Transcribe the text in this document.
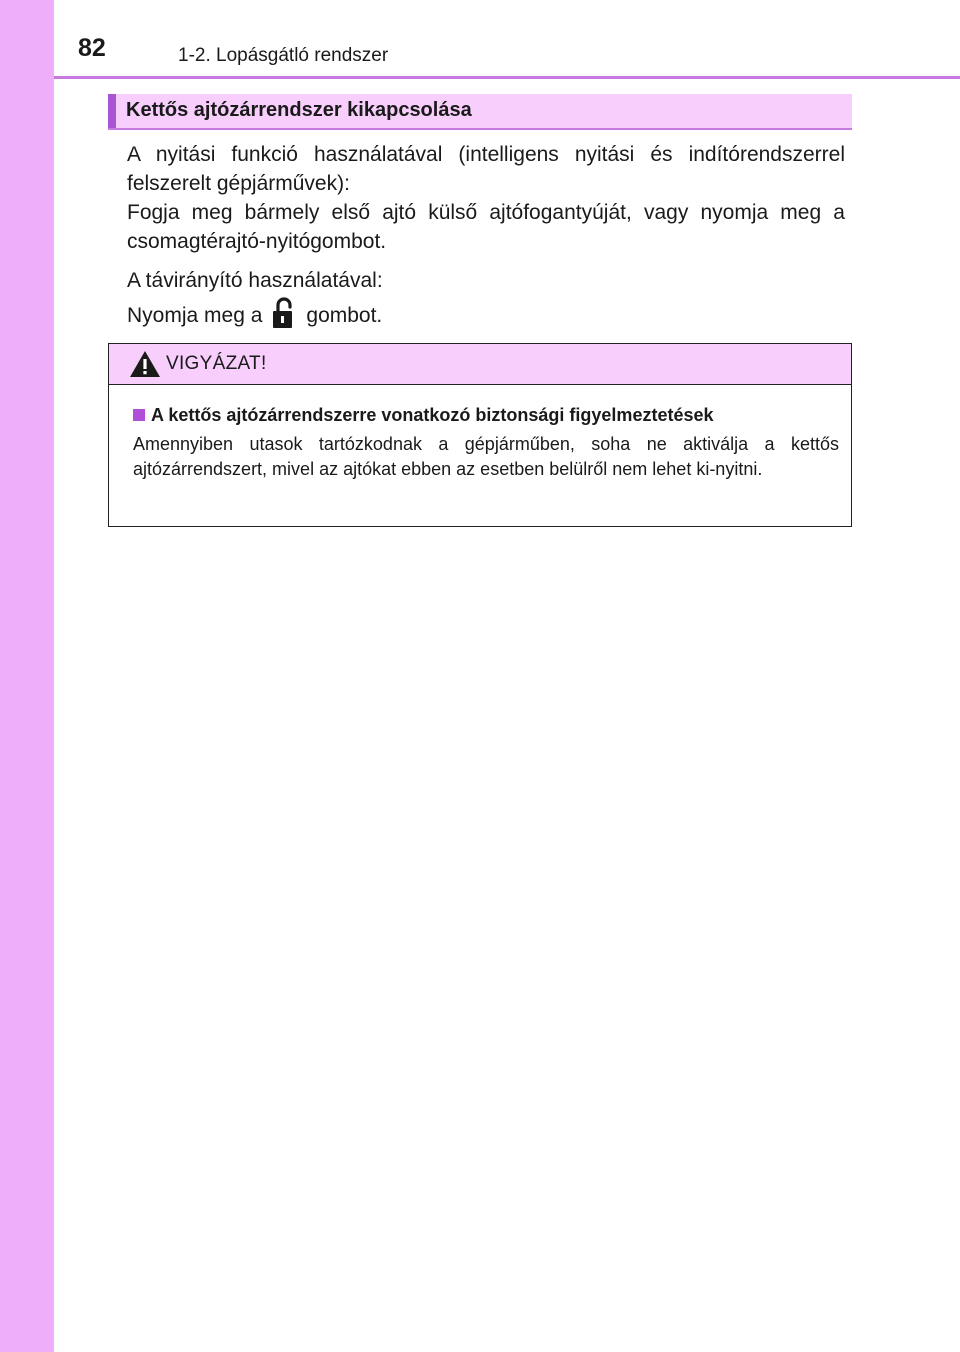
82	1-2. Lopásgátló rendszer
Kettős ajtózárrendszer kikapcsolása
A nyitási funkció használatával (intelligens nyitási és indítórendszerrel felszerelt gépjárművek):
Fogja meg bármely első ajtó külső ajtófogantyúját, vagy nyomja meg a csomagtérajtó-nyitógombot.
A távirányító használatával:
Nyomja meg a gombot.
VIGYÁZAT!
A kettős ajtózárrendszerre vonatkozó biztonsági figyelmeztetések
Amennyiben utasok tartózkodnak a gépjárműben, soha ne aktiválja a kettős ajtózárrendszert, mivel az ajtókat ebben az esetben belülről nem lehet ki-nyitni.
